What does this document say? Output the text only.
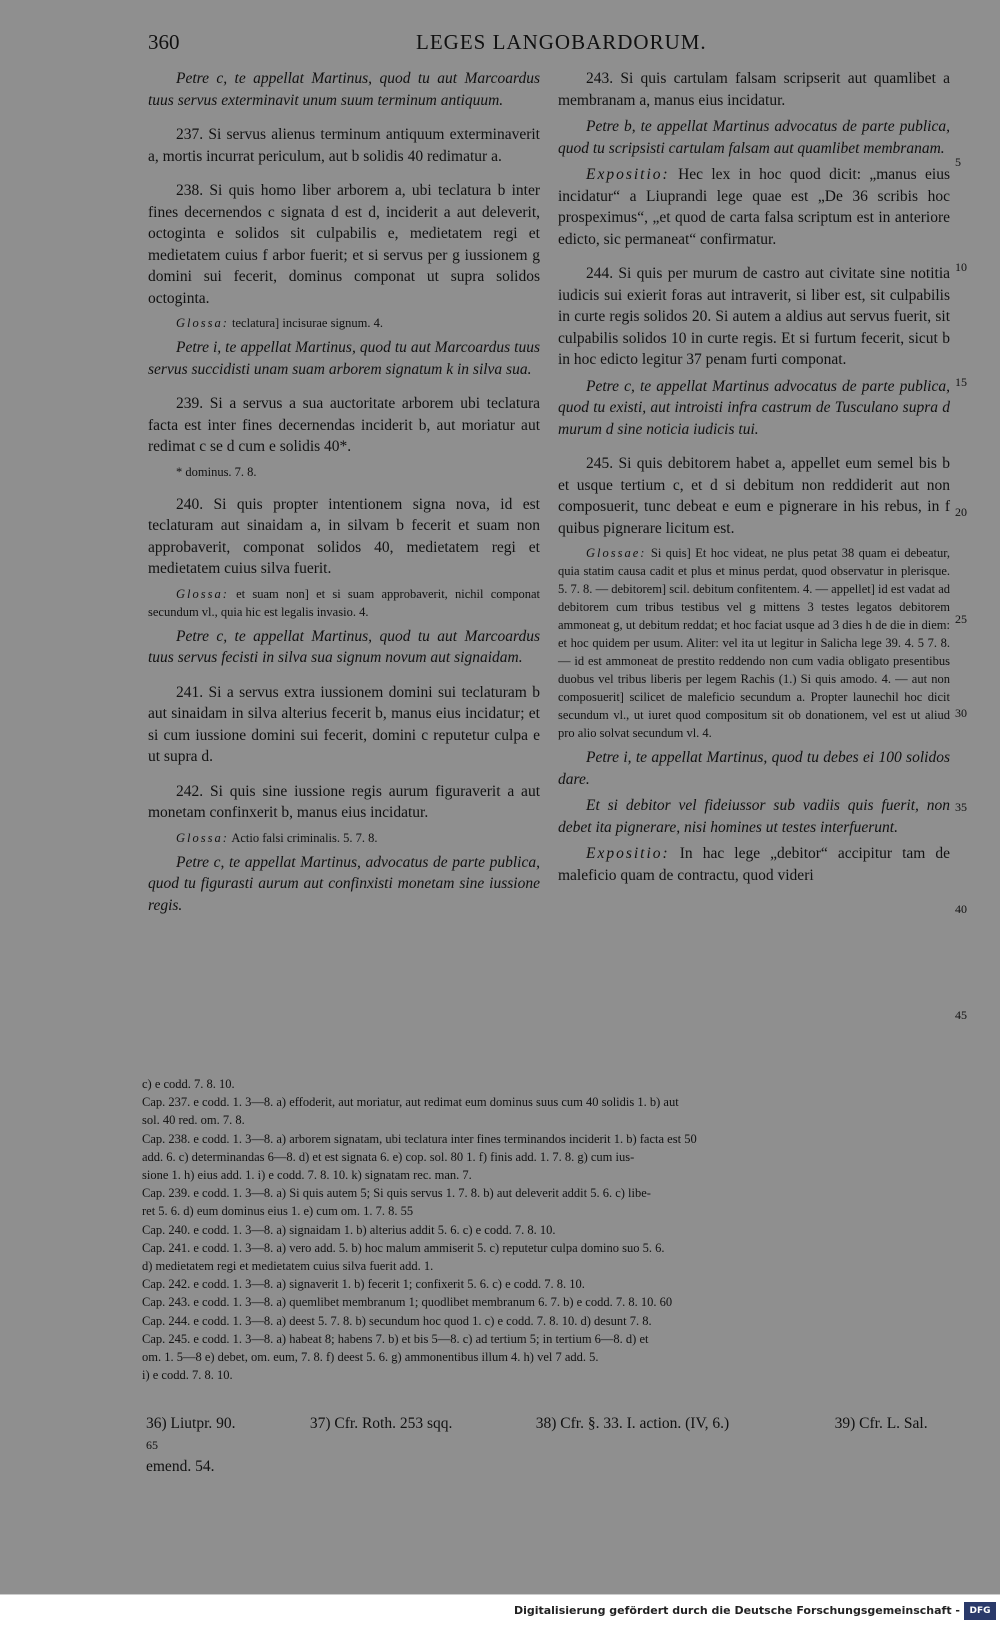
360	LEGES LANGOBARDORUM.

Petre c, te appellat Martinus, quod tu aut Marcoardus tuus servus exterminavit unum suum terminum antiquum.

237. Si servus alienus terminum antiquum exterminaverit a, mortis incurrat periculum, aut b solidis 40 redimatur a.

238. Si quis homo liber arborem a, ubi teclatura b inter fines decernendos c signata d est d, inciderit a aut deleverit, octoginta e solidos sit culpabilis e, medietatem regi et medietatem cuius f arbor fuerit; et si servus per g iussionem g domini sui fecerit, dominus componat ut supra solidos octoginta.

Glossa: teclatura] incisurae signum. 4.

Petre i, te appellat Martinus, quod tu aut Marcoardus tuus servus succidisti unam suam arborem signatum k in silva sua.

239. Si a servus a sua auctoritate arborem ubi teclatura facta est inter fines decernendas inciderit b, aut moriatur aut redimat c se d cum e solidis 40*.

* dominus. 7. 8.

240. Si quis propter intentionem signa nova, id est teclaturam aut sinaidam a, in silvam b fecerit et suam non approbaverit, componat solidos 40, medietatem regi et medietatem cuius silva fuerit.

Glossa: et suam non] et si suam approbaverit, nichil componat secundum vl., quia hic est legalis invasio. 4.

Petre c, te appellat Martinus, quod tu aut Marcoardus tuus servus fecisti in silva sua signum novum aut signaidam.

241. Si a servus extra iussionem domini sui teclaturam b aut sinaidam in silva alterius fecerit b, manus eius incidatur; et si cum iussione domini sui fecerit, domini c reputetur culpa e ut supra d.

242. Si quis sine iussione regis aurum figuraverit a aut monetam confinxerit b, manus eius incidatur.

Glossa: Actio falsi criminalis. 5. 7. 8.

Petre c, te appellat Martinus, advocatus de parte publica, quod tu figurasti aurum aut confinxisti monetam sine iussione regis.

243. Si quis cartulam falsam scripserit aut quamlibet a membranam a, manus eius incidatur.

Petre b, te appellat Martinus advocatus de parte publica, quod tu scripsisti cartulam falsam aut quamlibet membranam.

Expositio: Hec lex in hoc quod dicit: „manus eius incidatur“ a Liuprandi lege quae est „De 36 scribis hoc prospeximus“, „et quod de carta falsa scriptum est in anteriore edicto, sic permaneat“ confirmatur.

244. Si quis per murum de castro aut civitate sine notitia iudicis sui exierit foras aut intraverit, si liber est, sit culpabilis in curte regis solidos 20. Si autem a aldius aut servus fuerit, sit culpabilis solidos 10 in curte regis. Et si furtum fecerit, sicut b in hoc edicto legitur 37 penam furti componat.

Petre c, te appellat Martinus advocatus de parte publica, quod tu existi, aut introisti infra castrum de Tusculano supra d murum d sine noticia iudicis tui.

245. Si quis debitorem habet a, appellet eum semel bis b et usque tertium c, et d si debitum non reddiderit aut non composuerit, tunc debeat e eum e pignerare in his rebus, in f quibus pignerare licitum est.

Glossae: Si quis] Et hoc videat, ne plus petat 38 quam ei debeatur, quia statim causa cadit et plus et minus perdat, quod observatur in plerisque. 5. 7. 8. — debitorem] scil. debitum confitentem. 4. — appellet] id est vadat ad debitorem cum tribus testibus vel g mittens 3 testes legatos debitorem ammoneat g, ut debitum reddat; et hoc faciat usque ad 3 dies h de die in diem: et hoc quidem per usum. Aliter: vel ita ut legitur in Salicha lege 39. 4. 5 7. 8. — id est ammoneat de prestito reddendo non cum vadia obligato presentibus duobus vel tribus liberis per legem Rachis (1.) Si quis amodo. 4. — aut non composuerit] scilicet de maleficio secundum a. Propter launechil hoc dicit secundum vl., ut iuret quod compositum sit ob donationem, vel est ut aliud pro alio solvat secundum vl. 4.

Petre i, te appellat Martinus, quod tu debes ei 100 solidos dare.

Et si debitor vel fideiussor sub vadiis quis fuerit, non debet ita pignerare, nisi homines ut testes interfuerunt.

Expositio: In hac lege „debitor“ accipitur tam de maleficio quam de contractu, quod videri

5
10
15
20
25
30
35
40
45
c) e codd. 7. 8. 10.
Cap. 237. e codd. 1. 3—8. a) effoderit, aut moriatur, aut redimat eum dominus suus cum 40 solidis 1. b) aut
sol. 40 red. om. 7. 8.
Cap. 238. e codd. 1. 3—8. a) arborem signatam, ubi teclatura inter fines terminandos inciderit 1. b) facta est 50
add. 6. c) determinandas 6—8. d) et est signata 6. e) cop. sol. 80 1. f) finis add. 1. 7. 8. g) cum ius-
sione 1. h) eius add. 1. i) e codd. 7. 8. 10. k) signatam rec. man. 7.
Cap. 239. e codd. 1. 3—8. a) Si quis autem 5; Si quis servus 1. 7. 8. b) aut deleverit addit 5. 6. c) libe-
ret 5. 6. d) eum dominus eius 1. e) cum om. 1. 7. 8. 55
Cap. 240. e codd. 1. 3—8. a) signaidam 1. b) alterius addit 5. 6. c) e codd. 7. 8. 10.
Cap. 241. e codd. 1. 3—8. a) vero add. 5. b) hoc malum ammiserit 5. c) reputetur culpa domino suo 5. 6.
d) medietatem regi et medietatem cuius silva fuerit add. 1.
Cap. 242. e codd. 1. 3—8. a) signaverit 1. b) fecerit 1; confixerit 5. 6. c) e codd. 7. 8. 10.
Cap. 243. e codd. 1. 3—8. a) quemlibet membranum 1; quodlibet membranum 6. 7. b) e codd. 7. 8. 10. 60
Cap. 244. e codd. 1. 3—8. a) deest 5. 7. 8. b) secundum hoc quod 1. c) e codd. 7. 8. 10. d) desunt 7. 8.
Cap. 245. e codd. 1. 3—8. a) habeat 8; habens 7. b) et bis 5—8. c) ad tertium 5; in tertium 6—8. d) et
om. 1. 5—8 e) debet, om. eum, 7. 8. f) deest 5. 6. g) ammonentibus illum 4. h) vel 7 add. 5.
i) e codd. 7. 8. 10.
36) Liutpr. 90.	37) Cfr. Roth. 253 sqq.	38) Cfr. §. 33. I. action. (IV, 6.)	39) Cfr. L. Sal. 65
emend. 54.
Digitalisierung gefördert durch die Deutsche Forschungsgemeinschaft -	DFG
